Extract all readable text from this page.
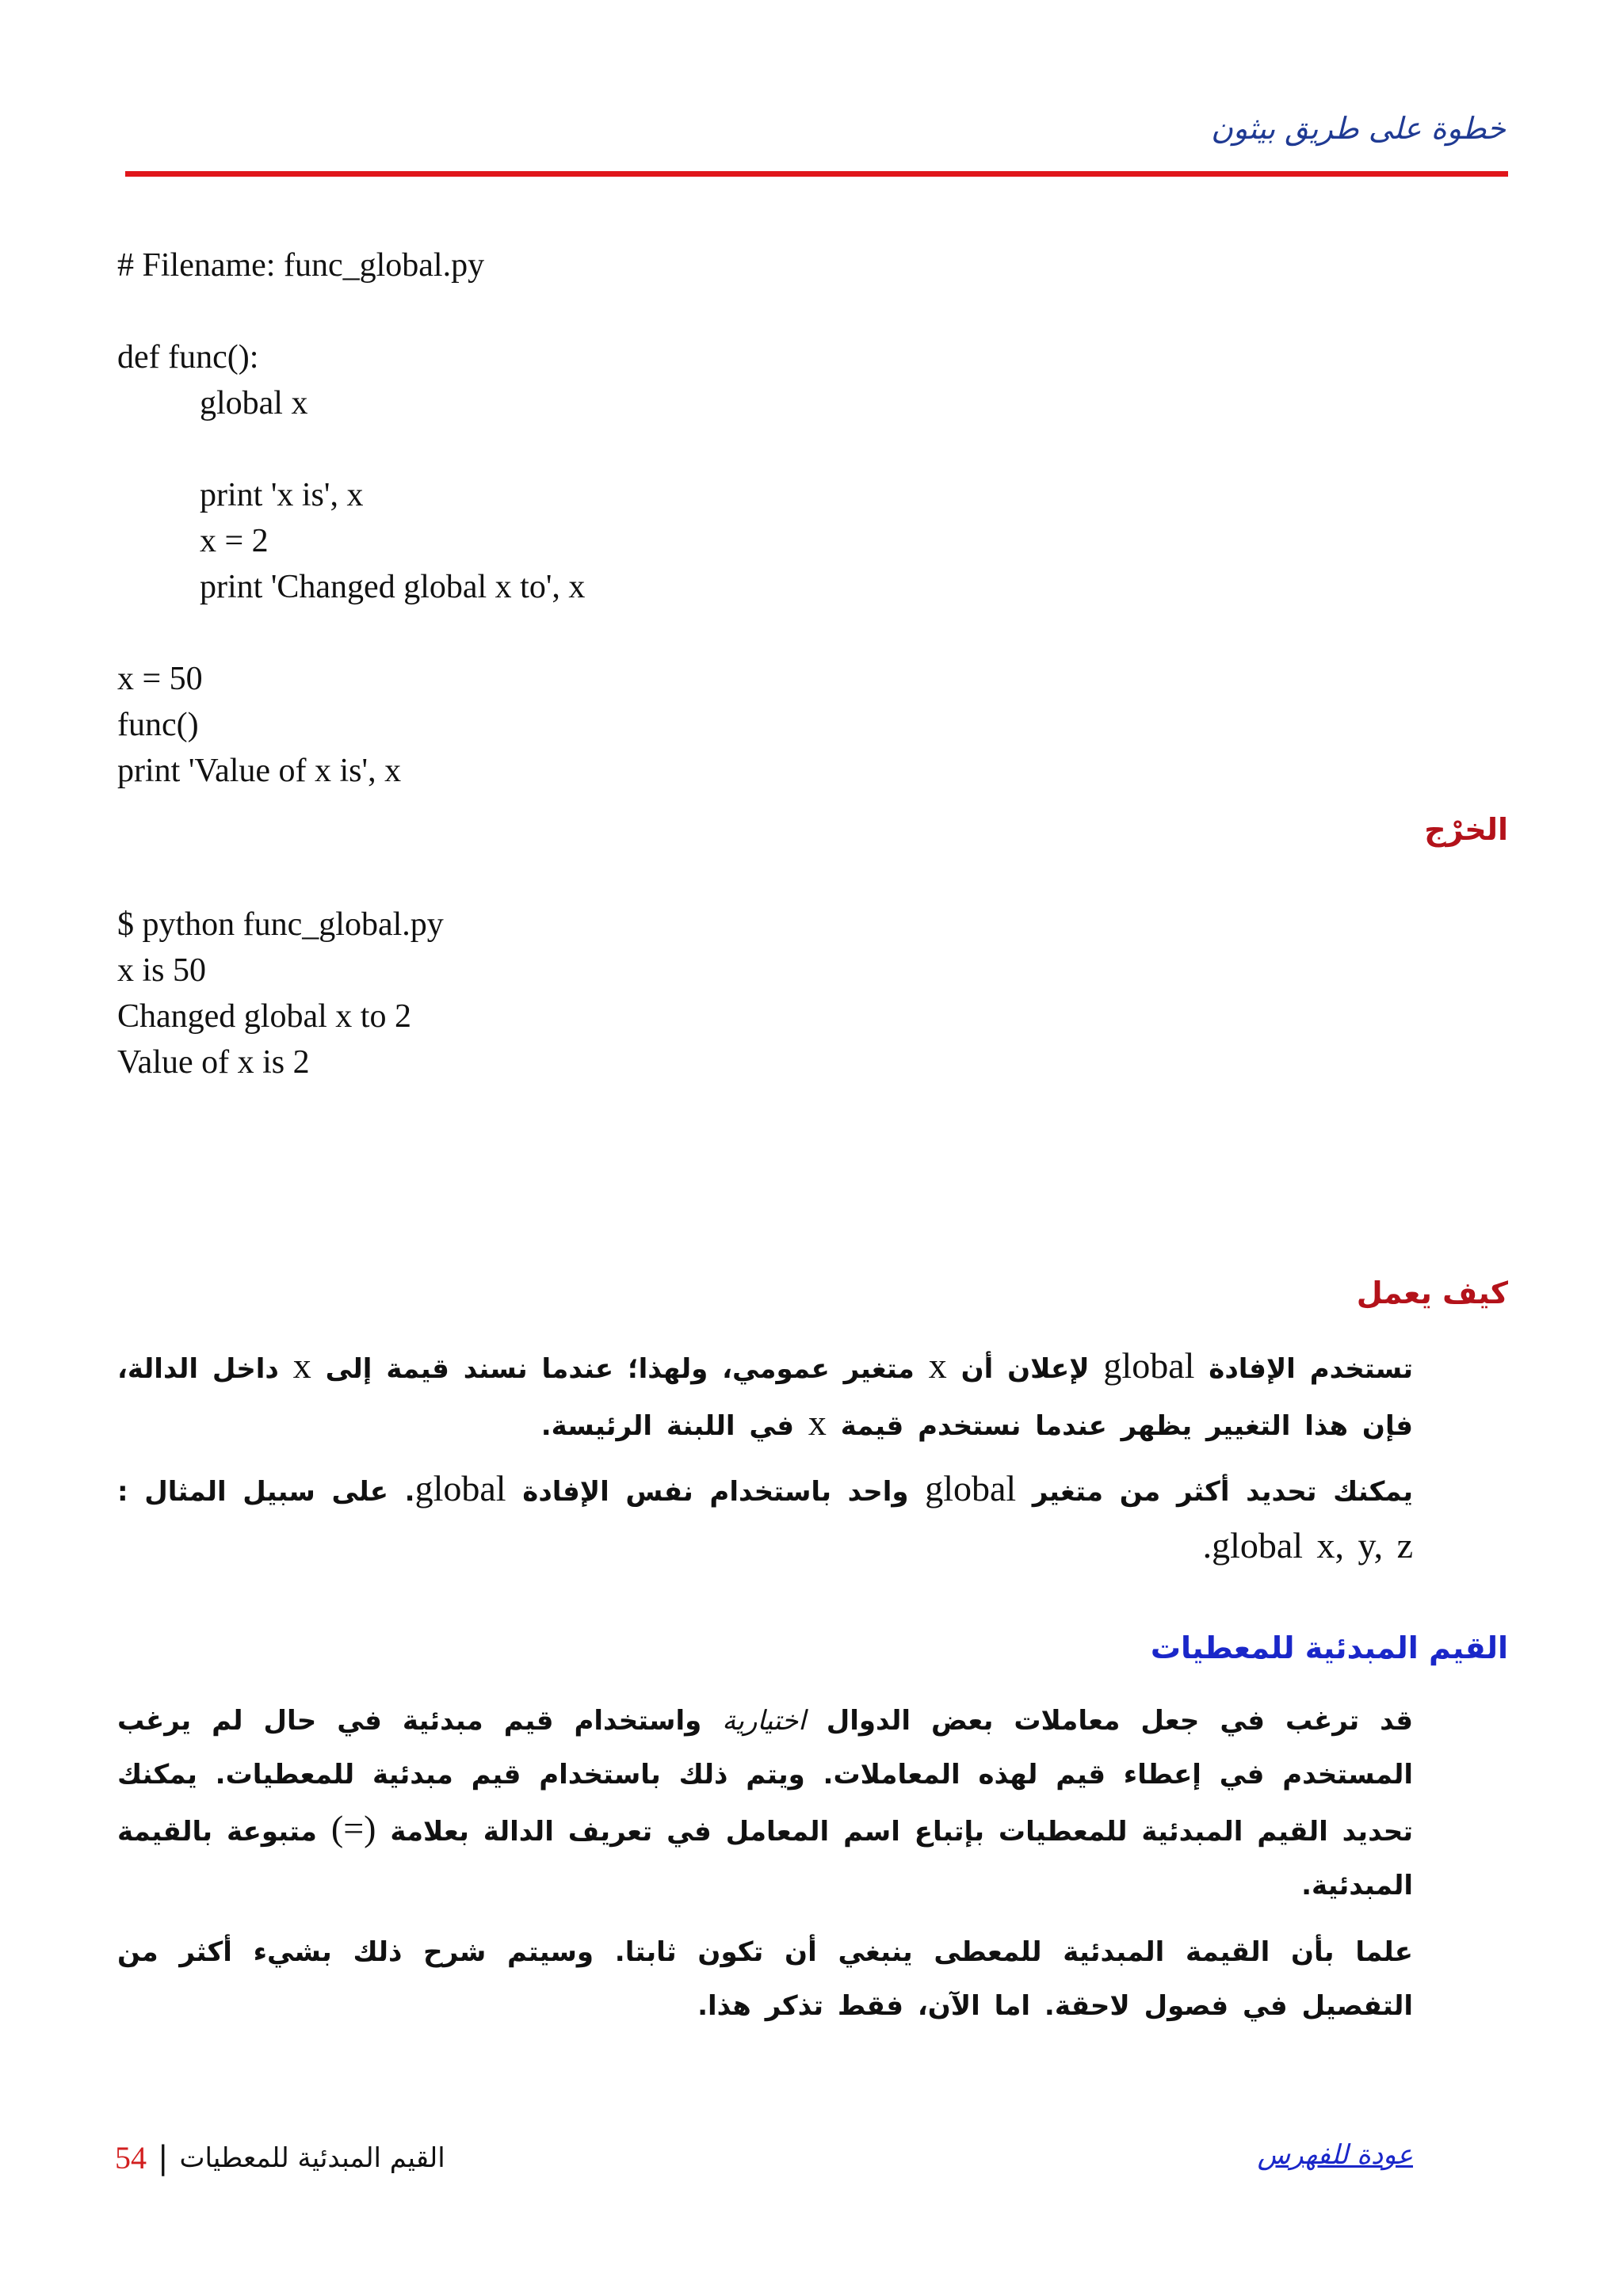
خطوة على طريق بيثون
# Filename: func_global.py
def func():
global x
print 'x is', x
x = 2
print 'Changed global x to', x
x = 50
func()
print 'Value of x is', x
الخرْج
$ python func_global.py
x is 50
Changed global x to 2
Value of x is 2
كيف يعمل
تستخدم الإفادة global لإعلان أن x متغير عمومي، ولهذا؛ عندما نسند قيمة إلى x داخل الدالة، فإن هذا التغيير يظهر عندما نستخدم قيمة x في اللبنة الرئيسة.
يمكنك تحديد أكثر من متغير global واحد باستخدام نفس الإفادة global. على سبيل المثال : global x, y, z.
القيم المبدئية للمعطيات
قد ترغب في جعل معاملات بعض الدوال اختيارية واستخدام قيم مبدئية في حال لم يرغب المستخدم في إعطاء قيم لهذه المعاملات. ويتم ذلك باستخدام قيم مبدئية للمعطيات. يمكنك تحديد القيم المبدئية للمعطيات بإتباع اسم المعامل في تعريف الدالة بعلامة (=) متبوعة بالقيمة المبدئية.
علما بأن القيمة المبدئية للمعطى ينبغي أن تكون ثابتا. وسيتم شرح ذلك بشيء أكثر من التفصيل في فصول لاحقة. اما الآن، فقط تذكر هذا.
54 | القيم المبدئية للمعطيات	عودة للفهرس
